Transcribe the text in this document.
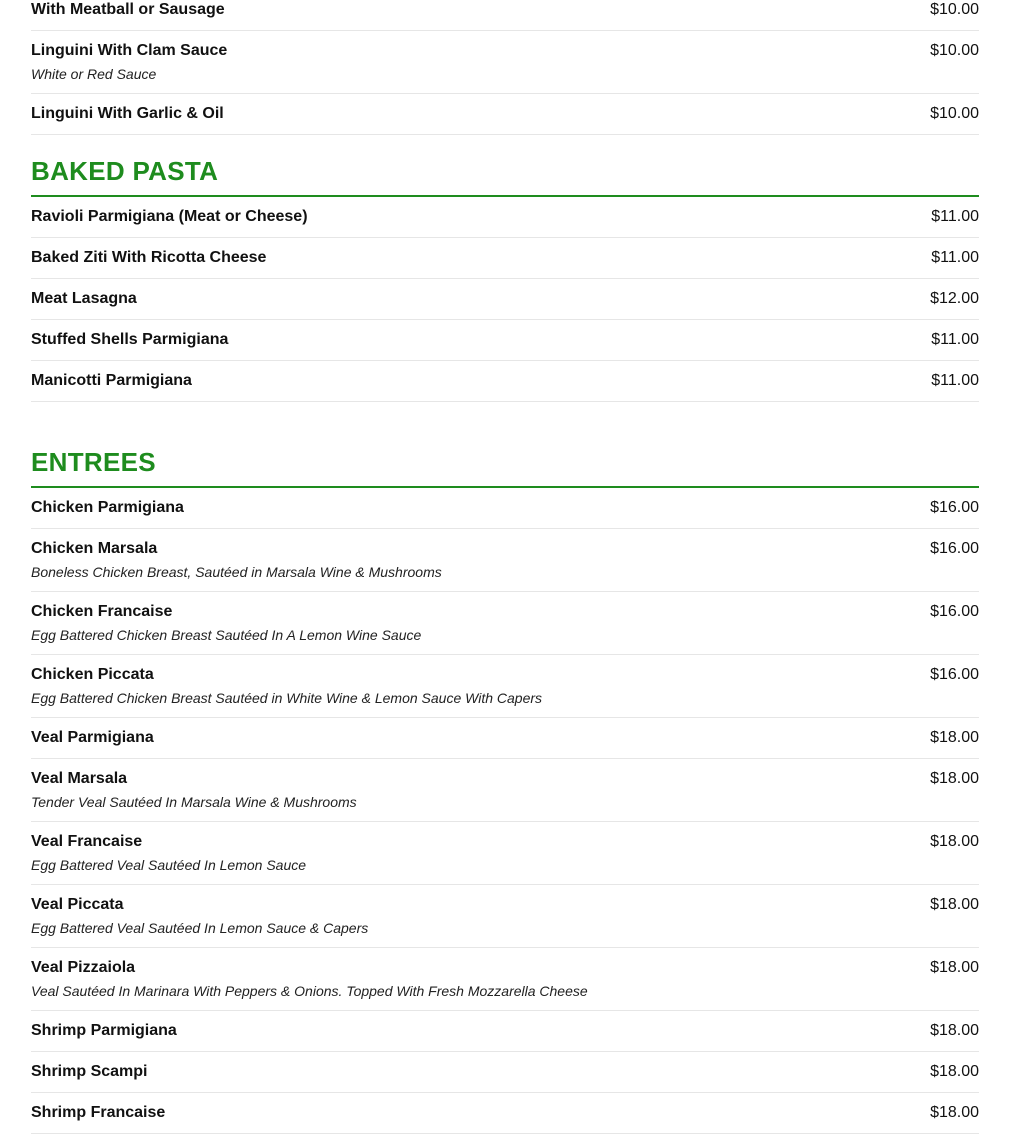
With Meatball or Sausage	$10.00
Linguini With Clam Sauce	$10.00
White or Red Sauce
Linguini With Garlic & Oil	$10.00
BAKED PASTA
Ravioli Parmigiana (Meat or Cheese)	$11.00
Baked Ziti With Ricotta Cheese	$11.00
Meat Lasagna	$12.00
Stuffed Shells Parmigiana	$11.00
Manicotti Parmigiana	$11.00
ENTREES
Chicken Parmigiana	$16.00
Chicken Marsala	$16.00
Boneless Chicken Breast, Sautéed in Marsala Wine & Mushrooms
Chicken Francaise	$16.00
Egg Battered Chicken Breast Sautéed In A Lemon Wine Sauce
Chicken Piccata	$16.00
Egg Battered Chicken Breast Sautéed in White Wine & Lemon Sauce With Capers
Veal Parmigiana	$18.00
Veal Marsala	$18.00
Tender Veal Sautéed In Marsala Wine & Mushrooms
Veal Francaise	$18.00
Egg Battered Veal Sautéed In Lemon Sauce
Veal Piccata	$18.00
Egg Battered Veal Sautéed In Lemon Sauce & Capers
Veal Pizzaiola	$18.00
Veal Sautéed In Marinara With Peppers & Onions. Topped With Fresh Mozzarella Cheese
Shrimp Parmigiana	$18.00
Shrimp Scampi	$18.00
Shrimp Francaise	$18.00
